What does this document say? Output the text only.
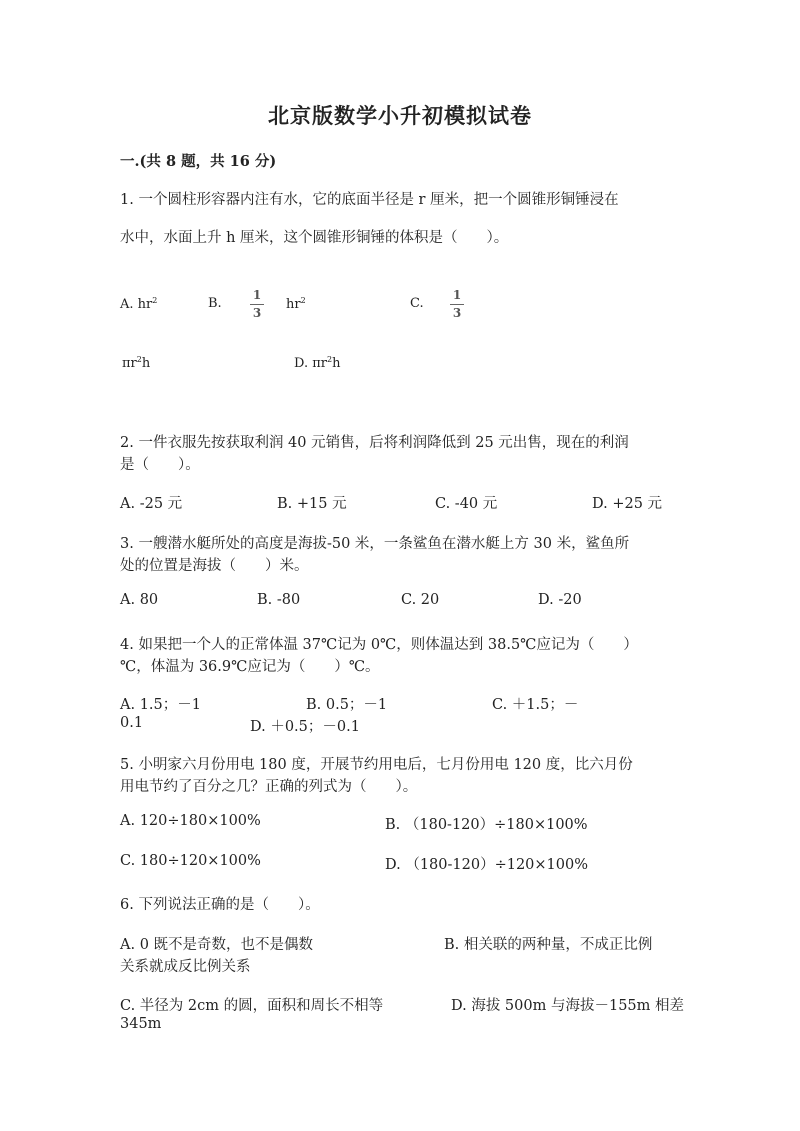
北京版数学小升初模拟试卷
一.(共 8 题，共 16 分)
1. 一个圆柱形容器内注有水，它的底面半径是 r 厘米，把一个圆锥形铜锤浸在
水中，水面上升 h 厘米，这个圆锥形铜锤的体积是（　　）。
A. $hr^2$	B.
1
3
$hr^2$	C.
1
3
$\pi r^2h$	D. $\pi r^2h$
2. 一件衣服先按获取利润 40 元销售，后将利润降低到 25 元出售，现在的利润
是（　　）。
A. -25 元	B. +15 元	C. -40 元	D. +25 元
3. 一艘潜水艇所处的高度是海拔-50 米，一条鲨鱼在潜水艇上方 30 米，鲨鱼所
处的位置是海拔（　　）米。
A. 80	B. -80	C. 20	D. -20
4. 如果把一个人的正常体温 37℃记为 0℃，则体温达到 38.5℃应记为（　　）
℃，体温为 36.9℃应记为（　　）℃。
A. 1.5；－1	B. 0.5；－1	C. ＋1.5；－
0.1	D. ＋0.5；－0.1
5. 小明家六月份用电 180 度，开展节约用电后，七月份用电 120 度，比六月份
用电节约了百分之几？正确的列式为（　　）。
A. 120÷180×100%	B. （180-120）÷180×100%
C. 180÷120×100%	D. （180-120）÷120×100%
6. 下列说法正确的是（　　）。
A. 0 既不是奇数，也不是偶数	B. 相关联的两种量，不成正比例
关系就成反比例关系
C. 半径为 2cm 的圆，面积和周长不相等	D. 海拔 500m 与海拔－155m 相差
345m
